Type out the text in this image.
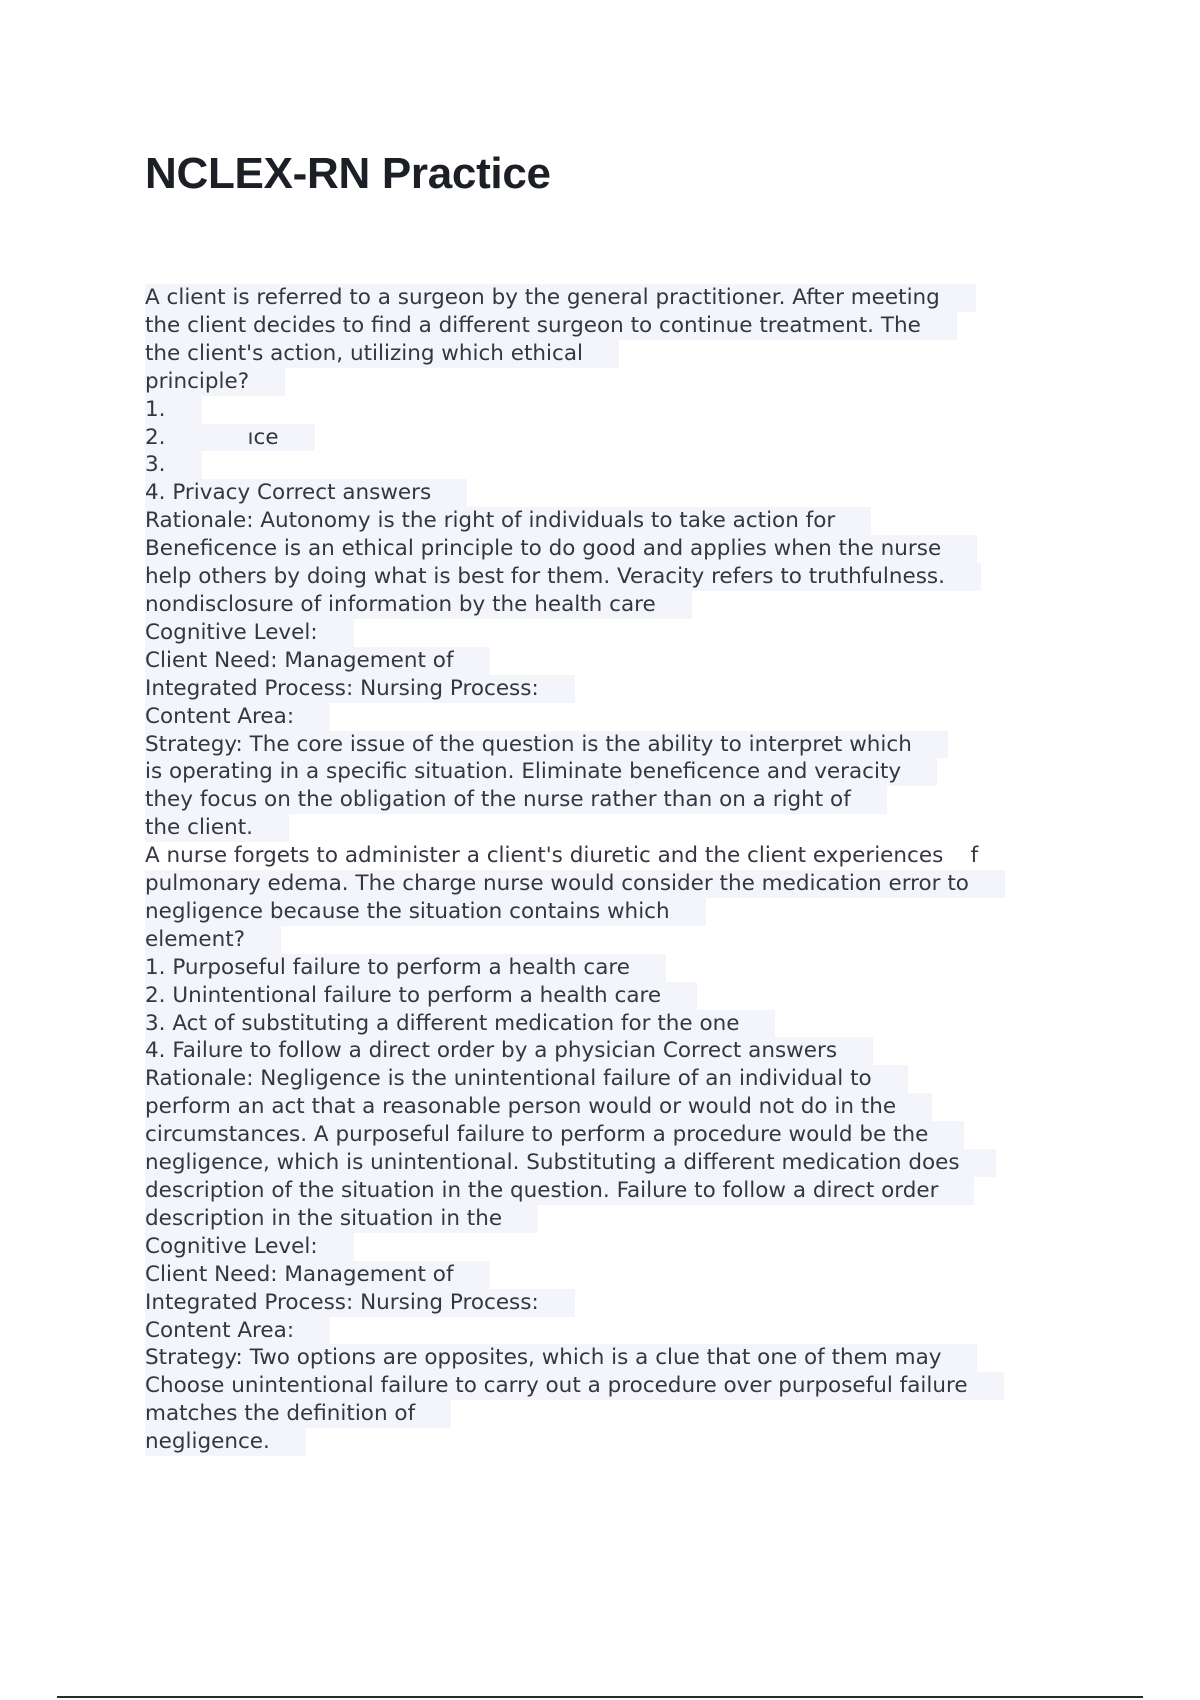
NCLEX-RN Practice
A client is referred to a surgeon by the general practitioner. After meeting
the client decides to find a different surgeon to continue treatment. The
the client's action, utilizing which ethical
principle?
1.
2.            ıce
3.
4. Privacy Correct answers
Rationale: Autonomy is the right of individuals to take action for
Beneficence is an ethical principle to do good and applies when the nurse
help others by doing what is best for them. Veracity refers to truthfulness.
nondisclosure of information by the health care
Cognitive Level:
Client Need: Management of
Integrated Process: Nursing Process:
Content Area:
Strategy: The core issue of the question is the ability to interpret which
is operating in a specific situation. Eliminate beneficence and veracity
they focus on the obligation of the nurse rather than on a right of
the client.
A nurse forgets to administer a client's diuretic and the client experiences    f
pulmonary edema. The charge nurse would consider the medication error to
negligence because the situation contains which
element?
1. Purposeful failure to perform a health care
2. Unintentional failure to perform a health care
3. Act of substituting a different medication for the one
4. Failure to follow a direct order by a physician Correct answers
Rationale: Negligence is the unintentional failure of an individual to
perform an act that a reasonable person would or would not do in the
circumstances. A purposeful failure to perform a procedure would be the
negligence, which is unintentional. Substituting a different medication does
description of the situation in the question. Failure to follow a direct order
description in the situation in the
Cognitive Level:
Client Need: Management of
Integrated Process: Nursing Process:
Content Area:
Strategy: Two options are opposites, which is a clue that one of them may
Choose unintentional failure to carry out a procedure over purposeful failure
matches the definition of
negligence.
